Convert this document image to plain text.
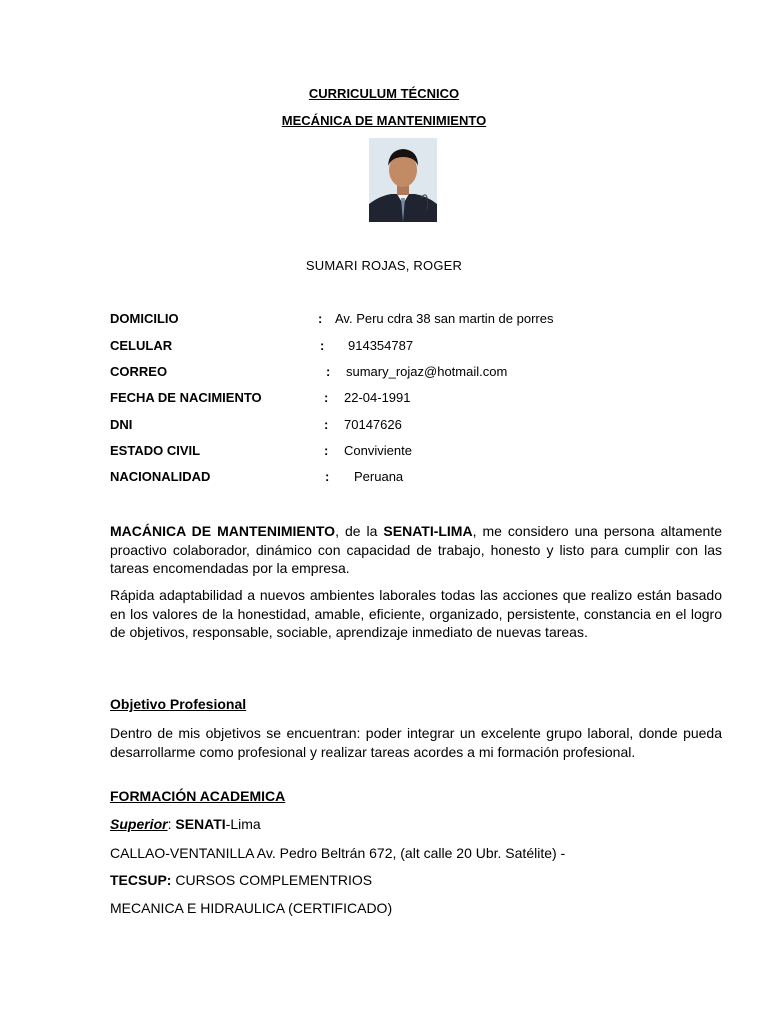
CURRICULUM TÉCNICO
MECÁNICA DE MANTENIMIENTO
SUMARI ROJAS, ROGER
DOMICILIO	: Av. Peru cdra 38 san martin de porres
CELULAR	: 914354787
CORREO	: sumary_rojaz@hotmail.com
FECHA DE NACIMIENTO	: 22-04-1991
DNI	: 70147626
ESTADO CIVIL	: Conviviente
NACIONALIDAD	: Peruana

MACÁNICA DE MANTENIMIENTO, de la SENATI-LIMA, me considero una persona altamente proactivo colaborador, dinámico con capacidad de trabajo, honesto y listo para cumplir con las tareas encomendadas por la empresa.

Rápida adaptabilidad a nuevos ambientes laborales todas las acciones que realizo están basado en los valores de la honestidad, amable, eficiente, organizado, persistente, constancia en el logro de objetivos, responsable, sociable, aprendizaje inmediato de nuevas tareas.

Objetivo Profesional

Dentro de mis objetivos se encuentran: poder integrar un excelente grupo laboral, donde pueda desarrollarme como profesional y realizar tareas acordes a mi formación profesional.

FORMACIÓN ACADEMICA
Superior: SENATI-Lima
CALLAO-VENTANILLA Av. Pedro Beltrán 672, (alt calle 20 Ubr. Satélite) -
TECSUP: CURSOS COMPLEMENTRIOS
MECANICA E HIDRAULICA (CERTIFICADO)
